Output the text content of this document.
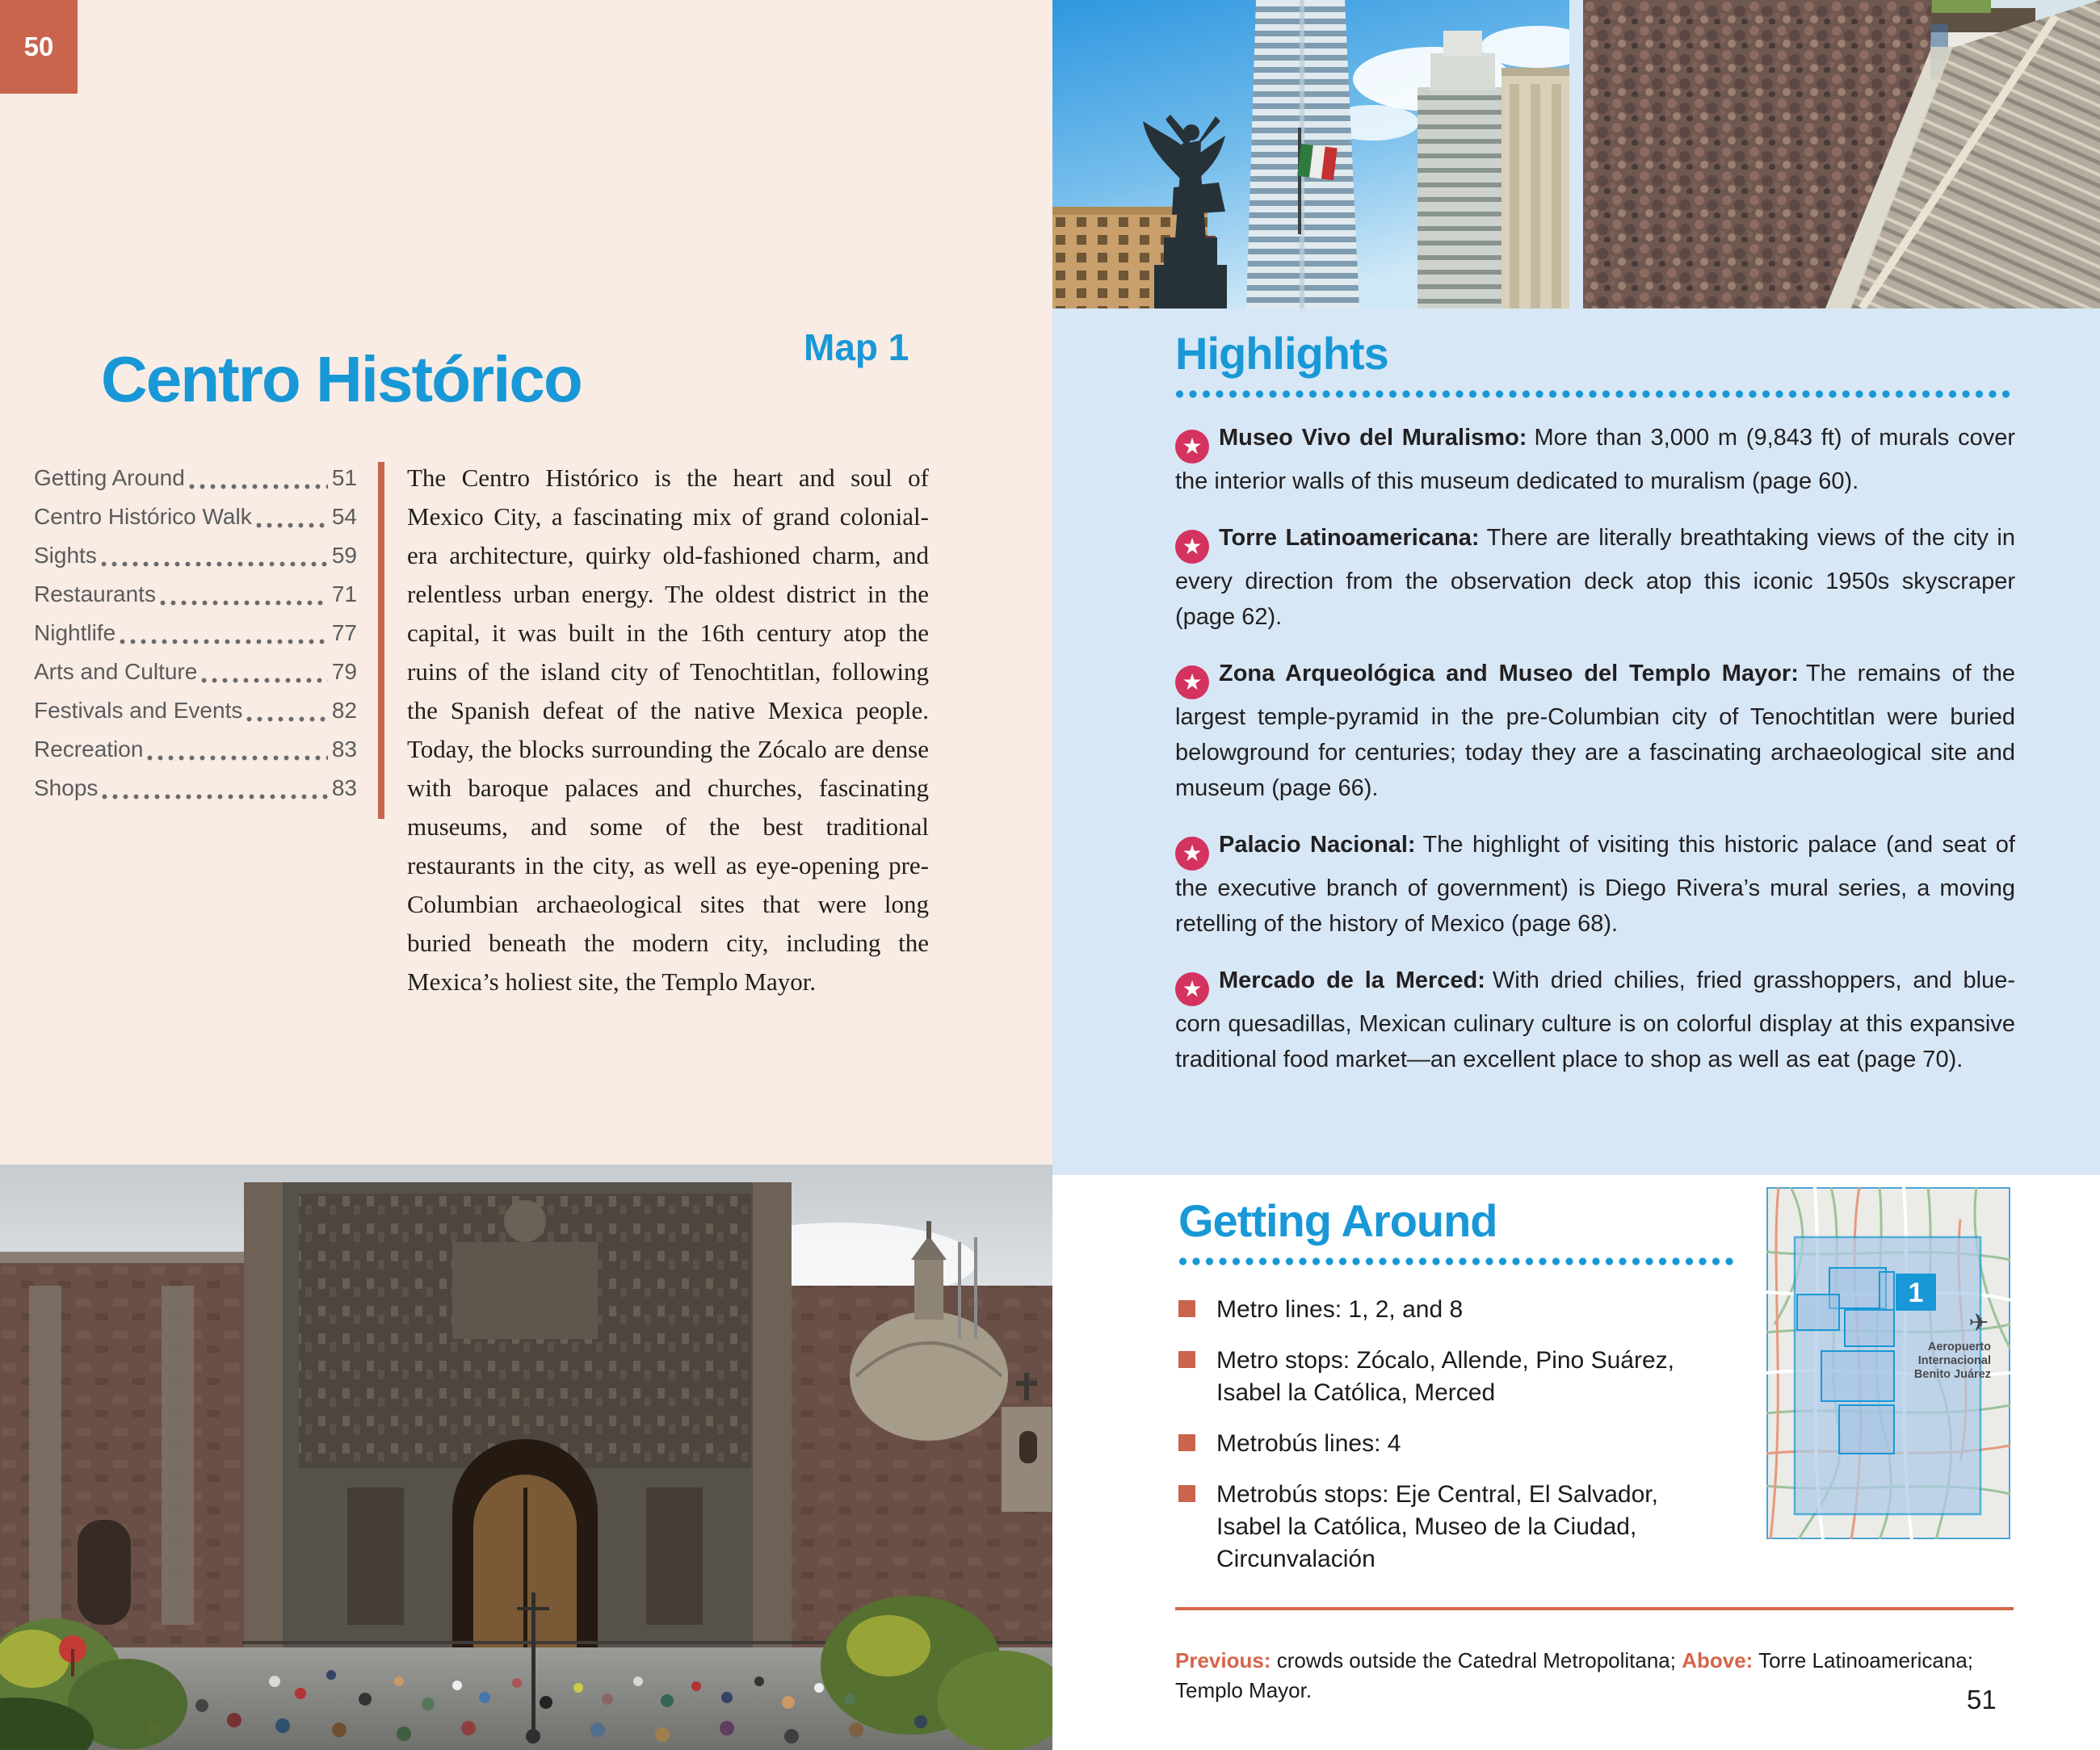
50
Centro Histórico	Map 1
Getting Around	51
Centro Histórico Walk	54
Sights	59
Restaurants	71
Nightlife	77
Arts and Culture	79
Festivals and Events	82
Recreation	83
Shops	83
The Centro Histórico is the heart and soul of Mexico City, a fascinating mix of grand colonial-era architecture, quirky old-fashioned charm, and relentless urban energy. The oldest district in the capital, it was built in the 16th century atop the ruins of the island city of Tenochtitlan, following the Spanish defeat of the native Mexica people. Today, the blocks surrounding the Zócalo are dense with baroque palaces and churches, fascinating museums, and some of the best traditional restaurants in the city, as well as eye-opening pre-Columbian archaeological sites that were long buried beneath the modern city, including the Mexica’s holiest site, the Templo Mayor.
Highlights

★ Museo Vivo del Muralismo: More than 3,000 m (9,843 ft) of murals cover the interior walls of this museum dedicated to muralism (page 60).

★ Torre Latinoamericana: There are literally breathtaking views of the city in every direction from the observation deck atop this iconic 1950s skyscraper (page 62).

★ Zona Arqueológica and Museo del Templo Mayor: The remains of the largest temple-pyramid in the pre-Columbian city of Tenochtitlan were buried belowground for centuries; today they are a fascinating archaeological site and museum (page 66).

★ Palacio Nacional: The highlight of visiting this historic palace (and seat of the executive branch of government) is Diego Rivera’s mural series, a moving retelling of the history of Mexico (page 68).

★ Mercado de la Merced: With dried chilies, fried grasshoppers, and blue-corn quesadillas, Mexican culinary culture is on colorful display at this expansive traditional food market—an excellent place to shop as well as eat (page 70).

Getting Around
Metro lines: 1, 2, and 8
Metro stops: Zócalo, Allende, Pino Suárez, Isabel la Católica, Merced
Metrobús lines: 4
Metrobús stops: Eje Central, El Salvador, Isabel la Católica, Museo de la Ciudad, Circunvalación
1
✈
Aeropuerto
Internacional
Benito Juárez

Previous: crowds outside the Catedral Metropolitana; Above: Torre Latinoamericana; Templo Mayor.	51
